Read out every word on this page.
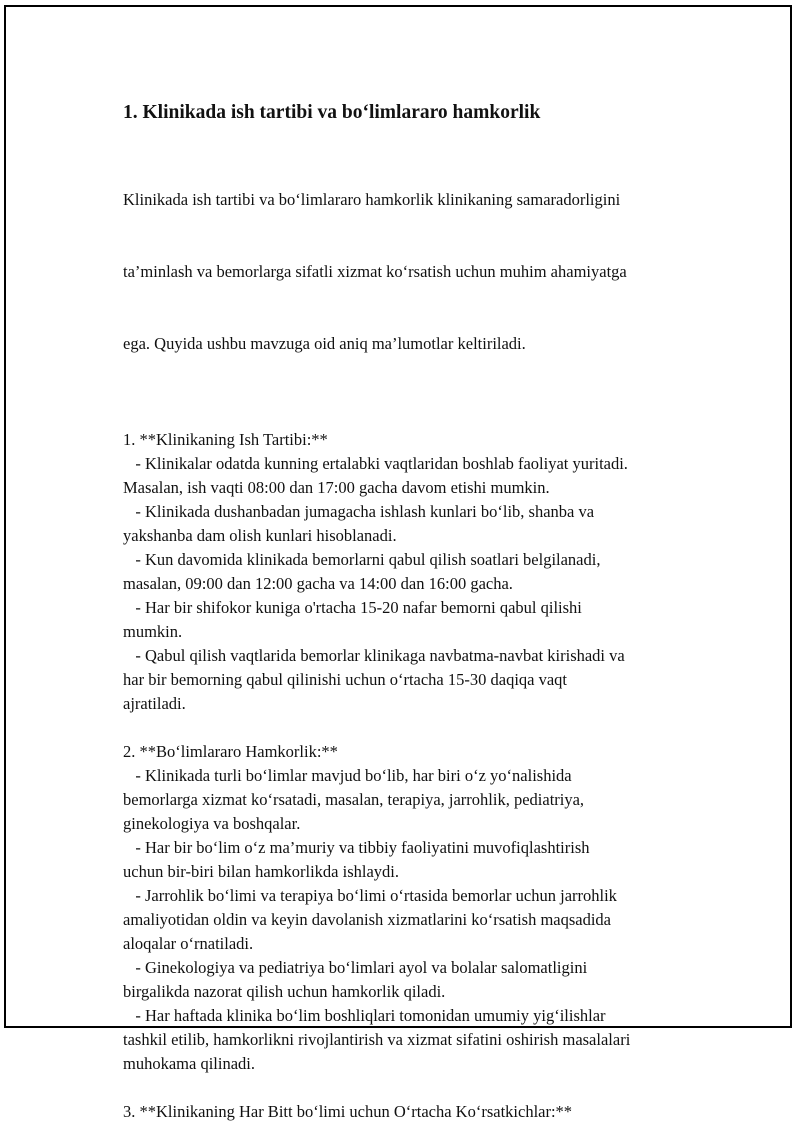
1. Klinikada ish tartibi va bo‘limlararo hamkorlik

Klinikada ish tartibi va bo‘limlararo hamkorlik klinikaning samaradorligini

ta’minlash va bemorlarga sifatli xizmat ko‘rsatish uchun muhim ahamiyatga

ega. Quyida ushbu mavzuga oid aniq ma’lumotlar keltiriladi.

1. **Klinikaning Ish Tartibi:**
- Klinikalar odatda kunning ertalabki vaqtlaridan boshlab faoliyat yuritadi.
Masalan, ish vaqti 08:00 dan 17:00 gacha davom etishi mumkin.
- Klinikada dushanbadan jumagacha ishlash kunlari bo‘lib, shanba va
yakshanba dam olish kunlari hisoblanadi.
- Kun davomida klinikada bemorlarni qabul qilish soatlari belgilanadi,
masalan, 09:00 dan 12:00 gacha va 14:00 dan 16:00 gacha.
- Har bir shifokor kuniga o'rtacha 15-20 nafar bemorni qabul qilishi
mumkin.
- Qabul qilish vaqtlarida bemorlar klinikaga navbatma-navbat kirishadi va
har bir bemorning qabul qilinishi uchun o‘rtacha 15-30 daqiqa vaqt
ajratiladi.
2. **Bo‘limlararo Hamkorlik:**
- Klinikada turli bo‘limlar mavjud bo‘lib, har biri o‘z yo‘nalishida
bemorlarga xizmat ko‘rsatadi, masalan, terapiya, jarrohlik, pediatriya,
ginekologiya va boshqalar.
- Har bir bo‘lim o‘z ma’muriy va tibbiy faoliyatini muvofiqlashtirish
uchun bir-biri bilan hamkorlikda ishlaydi.
- Jarrohlik bo‘limi va terapiya bo‘limi o‘rtasida bemorlar uchun jarrohlik
amaliyotidan oldin va keyin davolanish xizmatlarini ko‘rsatish maqsadida
aloqalar o‘rnatiladi.
- Ginekologiya va pediatriya bo‘limlari ayol va bolalar salomatligini
birgalikda nazorat qilish uchun hamkorlik qiladi.
- Har haftada klinika bo‘lim boshliqlari tomonidan umumiy yig‘ilishlar
tashkil etilib, hamkorlikni rivojlantirish va xizmat sifatini oshirish masalalari
muhokama qilinadi.
3. **Klinikaning Har Bitt bo‘limi uchun O‘rtacha Ko‘rsatkichlar:**
